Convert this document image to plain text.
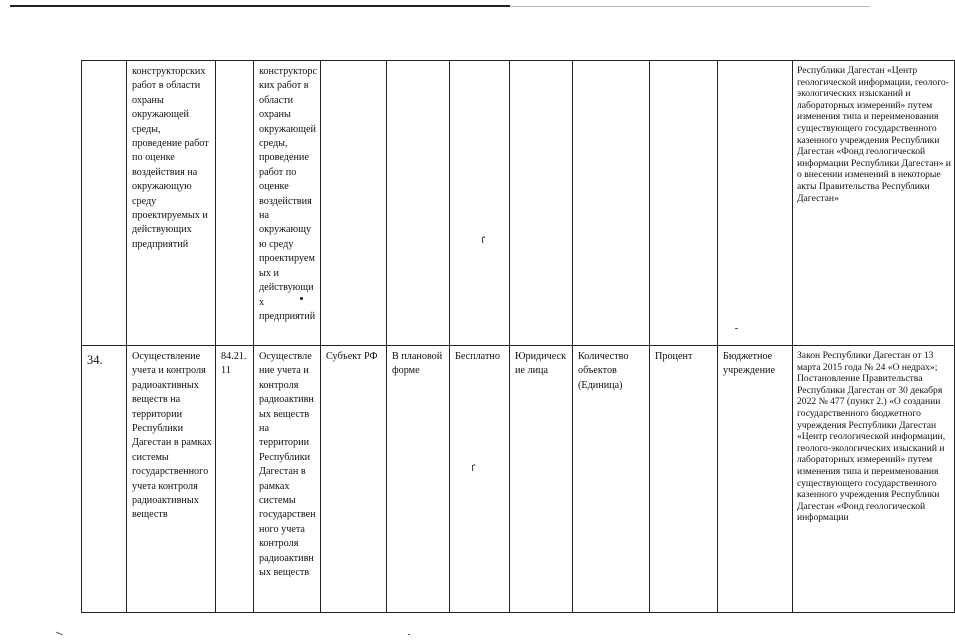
	конструкторских работ в области охраны окружающей среды, проведение работ по оценке воздействия на окружающую среду проектируемых и действующих предприятий		конструкторских работ в области охраны окружающей среды, проведение работ по оценке воздействия на окружающую среду проектируемых и действующих предприятий								Республики Дагестан «Центр геологической информации, геолого-экологических изысканий и лабораторных измерений» путем изменения типа и переименования существующего государственного казенного учреждения Республики Дагестан «Фонд геологической информации Республики Дагестан» и о внесении изменений в некоторые акты Правительства Республики Дагестан»

34.	Осуществление учета и контроля радиоактивных веществ на территории Республики Дагестан в рамках системы государственного учета контроля радиоактивных веществ	84.21.11	Осуществление учета и контроля радиоактивных веществ на территории Республики Дагестан в рамках системы государственного учета контроля радиоактивных веществ	Субъект РФ	В плановой форме	Бесплатно	Юридические лица	Количество объектов (Единица)	Процент	Бюджетное учреждение	Закон Республики Дагестан от 13 марта 2015 года № 24 «О недрах»; Постановление Правительства Республики Дагестан от 30 декабря 2022 № 477 (пункт 2.) «О создании государственного бюджетного учреждения Республики Дагестан «Центр геологической информации, геолого-экологических изысканий и лабораторных измерений» путем изменения типа и переименования существующего государственного казенного учреждения Республики Дагестан «Фонд геологической информации
ٵ
ٵ
